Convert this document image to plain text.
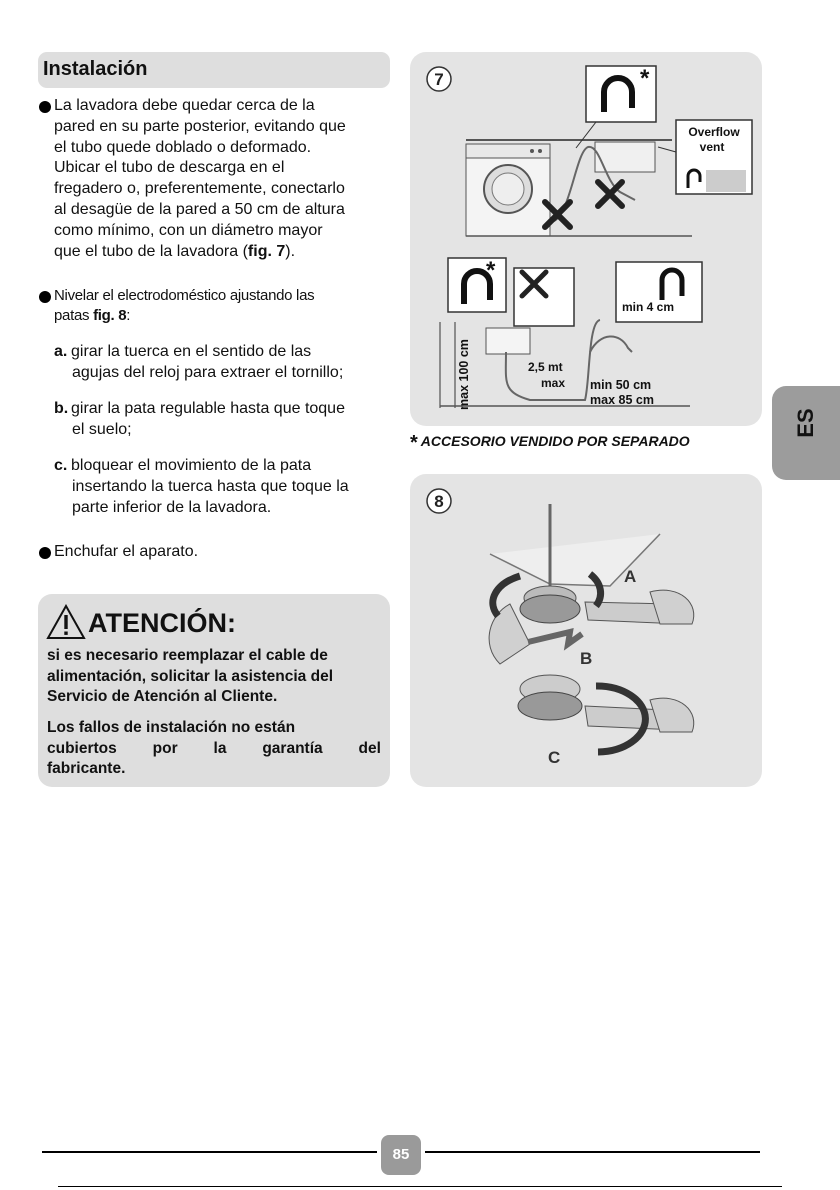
Instalación
La lavadora debe quedar cerca de la
pared en su parte posterior, evitando que
el tubo quede doblado o deformado.
Ubicar el tubo de descarga en el
fregadero o, preferentemente, conectarlo
al desagüe de la pared a 50 cm de altura
como mínimo, con un diámetro mayor
que el tubo de la lavadora (fig. 7).
Nivelar el electrodoméstico ajustando las
patas fig. 8:
a. girar la tuerca en el sentido de las
agujas del reloj para extraer el tornillo;
b. girar la pata regulable hasta que toque
el suelo;
c. bloquear el movimiento de la pata
insertando la tuerca hasta que toque la
parte inferior de la lavadora.
Enchufar el aparato.
ATENCIÓN:
si es necesario reemplazar el cable de
alimentación, solicitar la asistencia del
Servicio de Atención al Cliente.
Los fallos de instalación no están
cubiertos por la garantía del
fabricante.
7	*
Overflow
vent
*
max 100 cm	2,5 mt
max
min 4 cm
min 50 cm
max 85 cm
* ACCESORIO VENDIDO POR SEPARADO
8
A
B
C
ES
85
